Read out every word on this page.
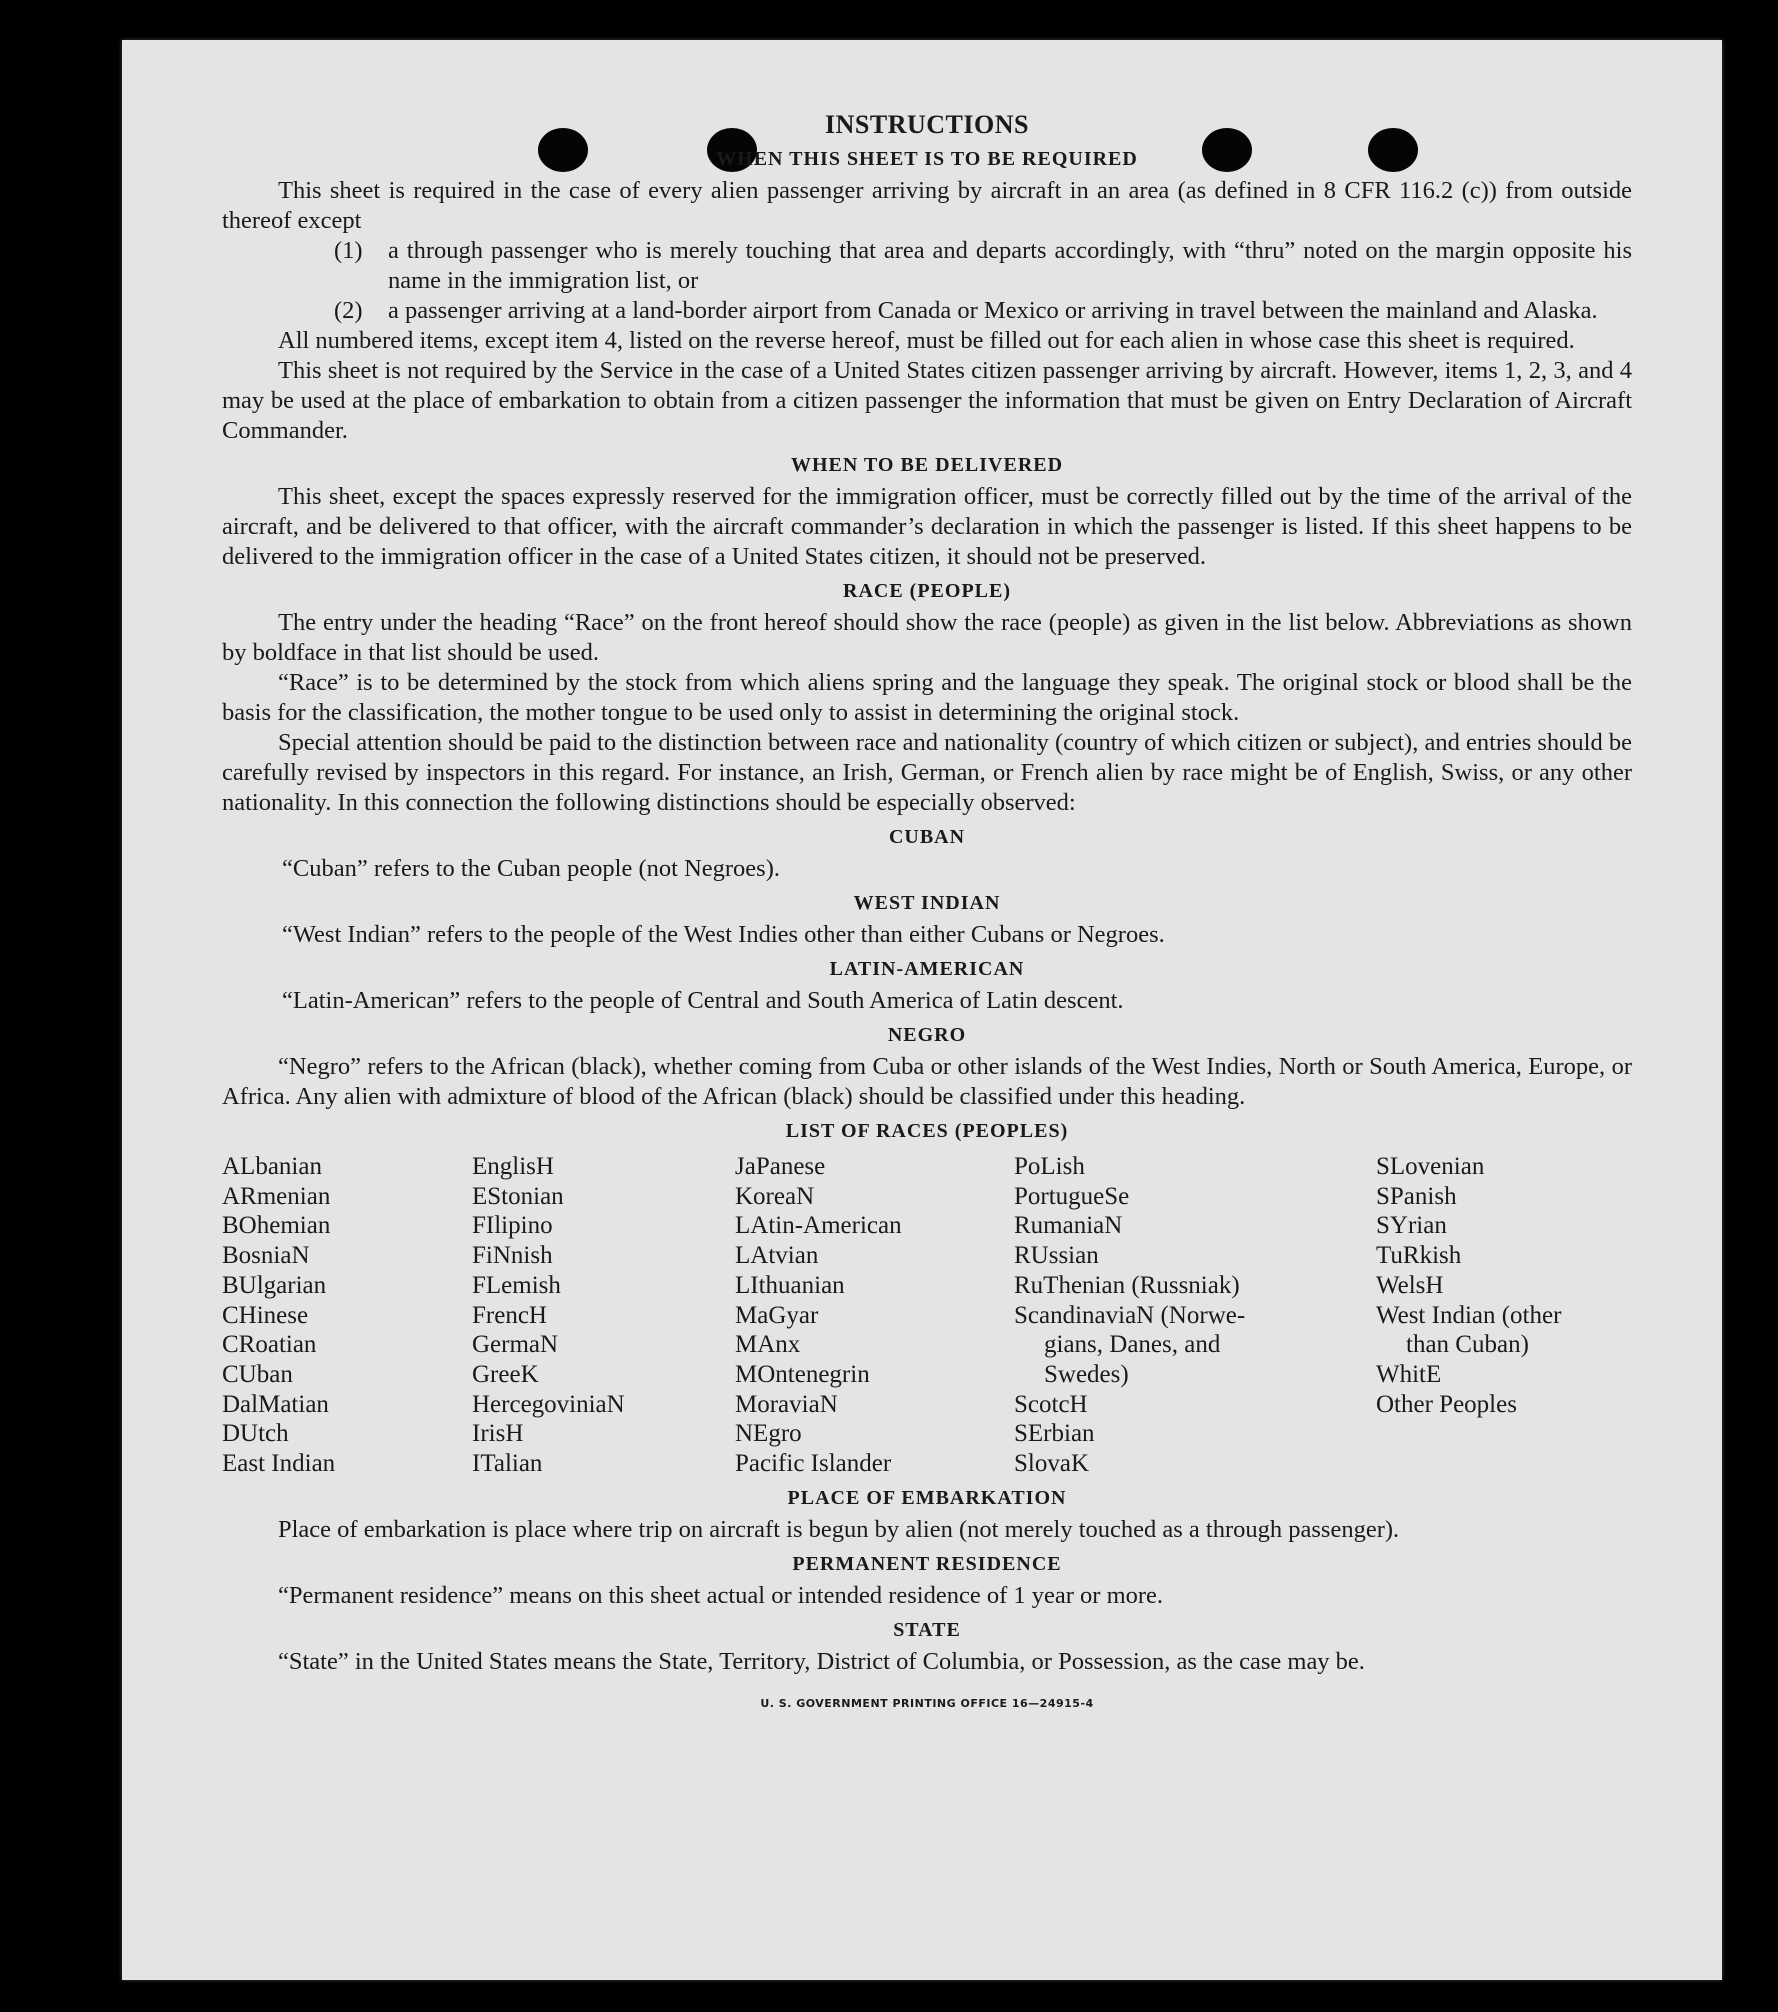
INSTRUCTIONS
WHEN THIS SHEET IS TO BE REQUIRED

This sheet is required in the case of every alien passenger arriving by aircraft in an area (as defined in 8 CFR 116.2 (c)) from outside thereof except

(1)	a through passenger who is merely touching that area and departs accordingly, with “thru” noted on the margin opposite his name in the immigration list, or

(2)	a passenger arriving at a land-border airport from Canada or Mexico or arriving in travel between the mainland and Alaska.

All numbered items, except item 4, listed on the reverse hereof, must be filled out for each alien in whose case this sheet is required.

This sheet is not required by the Service in the case of a United States citizen passenger arriving by aircraft. However, items 1, 2, 3, and 4 may be used at the place of embarkation to obtain from a citizen passenger the information that must be given on Entry Declaration of Aircraft Commander.

WHEN TO BE DELIVERED

This sheet, except the spaces expressly reserved for the immigration officer, must be correctly filled out by the time of the arrival of the aircraft, and be delivered to that officer, with the aircraft commander’s declaration in which the passenger is listed. If this sheet happens to be delivered to the immigration officer in the case of a United States citizen, it should not be preserved.

RACE (PEOPLE)

The entry under the heading “Race” on the front hereof should show the race (people) as given in the list below. Abbreviations as shown by boldface in that list should be used.

“Race” is to be determined by the stock from which aliens spring and the language they speak. The original stock or blood shall be the basis for the classification, the mother tongue to be used only to assist in determining the original stock.

Special attention should be paid to the distinction between race and nationality (country of which citizen or subject), and entries should be carefully revised by inspectors in this regard. For instance, an Irish, German, or French alien by race might be of English, Swiss, or any other nationality. In this connection the following distinctions should be especially observed:

CUBAN

“Cuban” refers to the Cuban people (not Negroes).

WEST INDIAN

“West Indian” refers to the people of the West Indies other than either Cubans or Negroes.

LATIN-AMERICAN

“Latin-American” refers to the people of Central and South America of Latin descent.

NEGRO

“Negro” refers to the African (black), whether coming from Cuba or other islands of the West Indies, North or South America, Europe, or Africa. Any alien with admixture of blood of the African (black) should be classified under this heading.

LIST OF RACES (PEOPLES)
ALbanian
ARmenian
BOhemian
BosniaN
BUlgarian
CHinese
CRoatian
CUban
DalMatian
DUtch
East Indian
EnglisH
EStonian
FIlipino
FiNnish
FLemish
FrencH
GermaN
GreeK
HercegoviniaN
IrisH
ITalian
JaPanese
KoreaN
LAtin-American
LAtvian
LIthuanian
MaGyar
MAnx
MOntenegrin
MoraviaN
NEgro
Pacific Islander
PoLish
PortugueSe
RumaniaN
RUssian
RuThenian (Russniak)
ScandinaviaN (Norwe-
gians, Danes, and
Swedes)
ScotcH
SErbian
SlovaK
SLovenian
SPanish
SYrian
TuRkish
WelsH
West Indian (other
than Cuban)
WhitE
Other Peoples
PLACE OF EMBARKATION

Place of embarkation is place where trip on aircraft is begun by alien (not merely touched as a through passenger).

PERMANENT RESIDENCE

“Permanent residence” means on this sheet actual or intended residence of 1 year or more.

STATE

“State” in the United States means the State, Territory, District of Columbia, or Possession, as the case may be.

U. S. GOVERNMENT PRINTING OFFICE 16—24915-4
